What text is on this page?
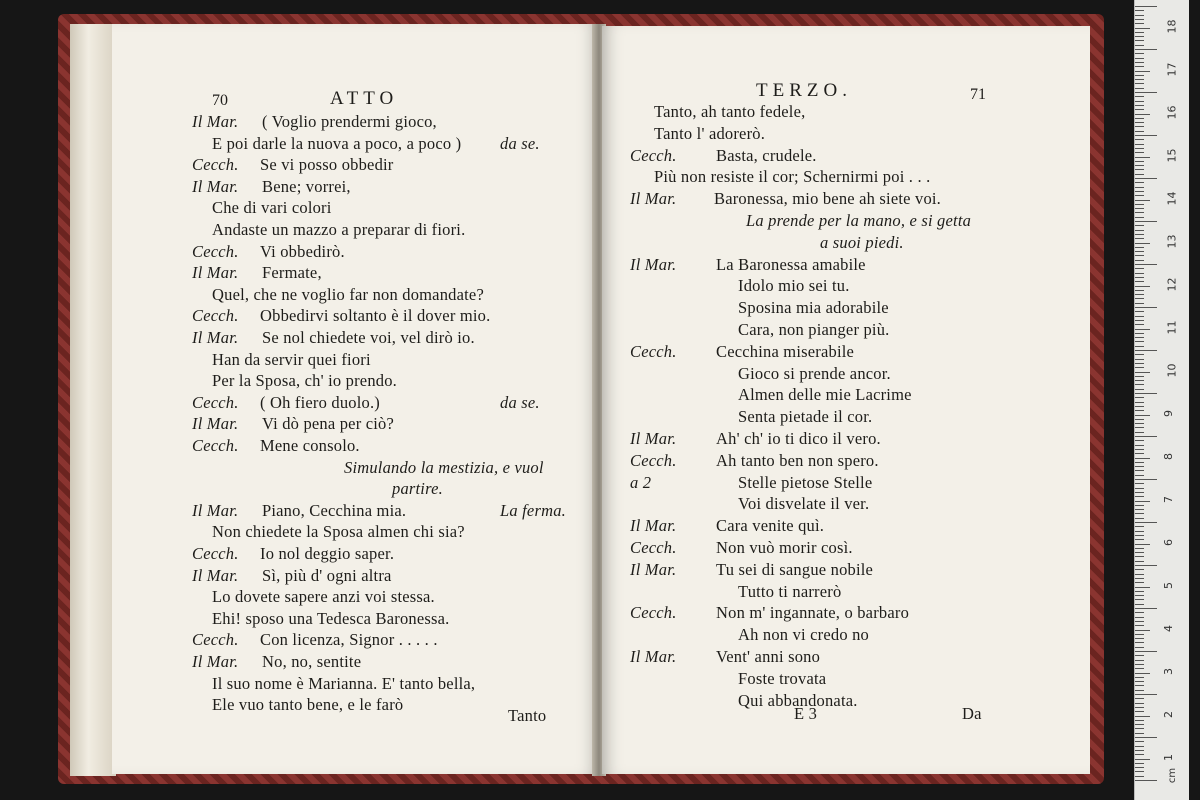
70	ATTO
Il Mar. ( Voglio prendermi gioco,
E poi darle la nuova a poco, a poco ) da se.
Cecch. Se vi posso obbedir
Il Mar. Bene; vorrei,
Che di vari colori
Andaste un mazzo a preparar di fiori.
Cecch. Vi obbedirò.
Il Mar. Fermate,
Quel, che ne voglio far non domandate?
Cecch. Obbedirvi soltanto è il dover mio.
Il Mar. Se nol chiedete voi, vel dirò io.
Han da servir quei fiori
Per la Sposa, ch' io prendo.
Cecch. ( Oh fiero duolo.)	da se.
Il Mar. Vi dò pena per ciò?
Cecch. Mene consolo.
Simulando la mestizia, e vuol
partire.
Il Mar. Piano, Cecchina mia.	La ferma.
Non chiedete la Sposa almen chi sia?
Cecch. Io nol deggio saper.
Il Mar. Sì, più d' ogni altra
Lo dovete sapere anzi voi stessa.
Ehi! sposo una Tedesca Baronessa.
Cecch. Con licenza, Signor . . . . .
Il Mar. No, no, sentite
Il suo nome è Marianna. E' tanto bella,
Ele vuo tanto bene, e le farò
Tanto
TERZO.	71
Tanto, ah tanto fedele,
Tanto l' adorerò.
Cecch. Basta, crudele.
Più non resiste il cor; Schernirmi poi . . .
Il Mar. Baronessa, mio bene ah siete voi.
La prende per la mano, e si getta
a suoi piedi.
Il Mar. La Baronessa amabile
Idolo mio sei tu.
Sposina mia adorabile
Cara, non pianger più.
Cecch. Cecchina miserabile
Gioco si prende ancor.
Almen delle mie Lacrime
Senta pietade il cor.
Il Mar. Ah' ch' io ti dico il vero.
Cecch. Ah tanto ben non spero.
a 2	Stelle pietose Stelle
Voi disvelate il ver.
Il Mar. Cara venite quì.
Cecch. Non vuò morir così.
Il Mar. Tu sei di sangue nobile
Tutto ti narrerò
Cecch. Non m' ingannate, o barbaro
Ah non vi credo no
Il Mar. Vent' anni sono
Foste trovata
Qui abbandonata.
E 3	Da
cm
18
17
16
15
14
13
12
11
10
9
8
7
6
5
4
3
2
1
